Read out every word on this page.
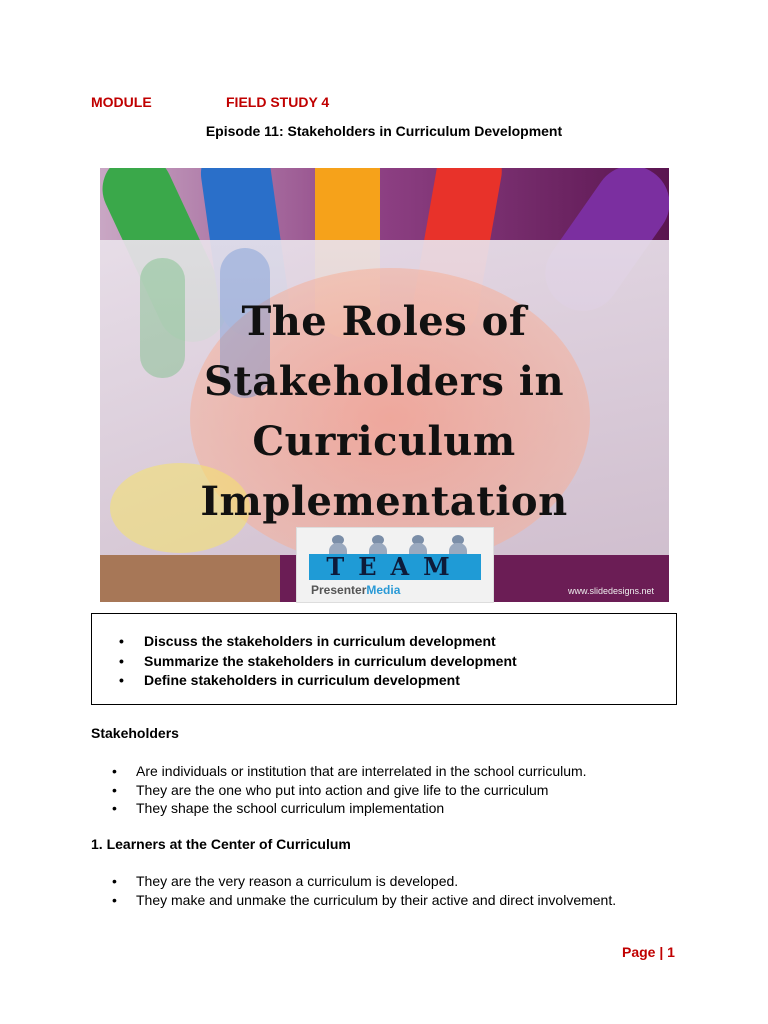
MODULE	FIELD STUDY 4
Episode 11: Stakeholders in Curriculum Development
www.slidedesigns.net
The Roles of
Stakeholders in
Curriculum
Implementation
TEAM
PresenterMedia
• Discuss the stakeholders in curriculum development
• Summarize the stakeholders in curriculum development
• Define stakeholders in curriculum development
Stakeholders
• Are individuals or institution that are interrelated in the school curriculum.
• They are the one who put into action and give life to the curriculum
• They shape the school curriculum implementation
1. Learners at the Center of Curriculum
• They are the very reason a curriculum is developed.
• They make and unmake the curriculum by their active and direct involvement.
Page | 1
